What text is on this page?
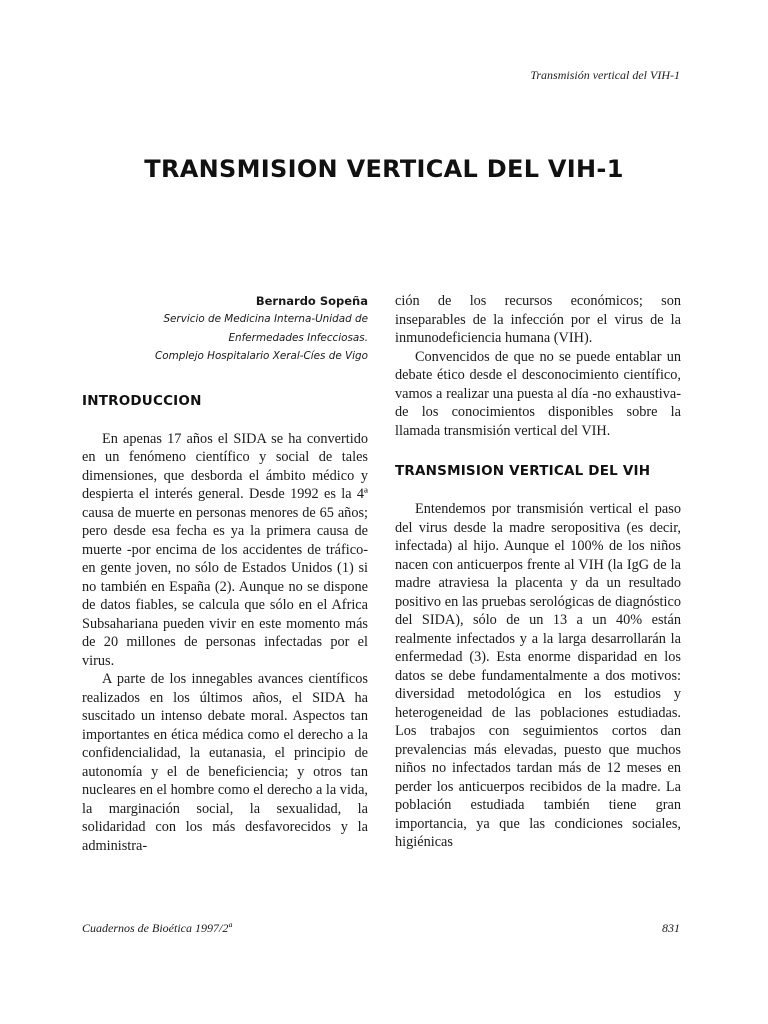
Transmisión vertical del VIH-1
TRANSMISION VERTICAL DEL VIH-1
Bernardo Sopeña
Servicio de Medicina Interna-Unidad de
Enfermedades Infecciosas.
Complejo Hospitalario Xeral-Cíes de Vigo
INTRODUCCION

En apenas 17 años el SIDA se ha convertido en un fenómeno científico y social de tales dimensiones, que desborda el ámbito médico y despierta el interés general. Desde 1992 es la 4ª causa de muerte en personas menores de 65 años; pero desde esa fecha es ya la primera causa de muerte -por encima de los accidentes de tráfico- en gente joven, no sólo de Estados Unidos (1) si no también en España (2). Aunque no se dispone de datos fiables, se calcula que sólo en el Africa Subsahariana pueden vivir en este momento más de 20 millones de personas infectadas por el virus.

A parte de los innegables avances científicos realizados en los últimos años, el SIDA ha suscitado un intenso debate moral. Aspectos tan importantes en ética médica como el derecho a la confidencialidad, la eutanasia, el principio de autonomía y el de beneficiencia; y otros tan nucleares en el hombre como el derecho a la vida, la marginación social, la sexualidad, la solidaridad con los más desfavorecidos y la administra-

ción de los recursos económicos; son inseparables de la infección por el virus de la inmunodeficiencia humana (VIH).

Convencidos de que no se puede entablar un debate ético desde el desconocimiento científico, vamos a realizar una puesta al día -no exhaustiva- de los conocimientos disponibles sobre la llamada transmisión vertical del VIH.

TRANSMISION VERTICAL DEL VIH

Entendemos por transmisión vertical el paso del virus desde la madre seropositiva (es decir, infectada) al hijo. Aunque el 100% de los niños nacen con anticuerpos frente al VIH (la IgG de la madre atraviesa la placenta y da un resultado positivo en las pruebas serológicas de diagnóstico del SIDA), sólo de un 13 a un 40% están realmente infectados y a la larga desarrollarán la enfermedad (3). Esta enorme disparidad en los datos se debe fundamentalmente a dos motivos: diversidad metodológica en los estudios y heterogeneidad de las poblaciones estudiadas. Los trabajos con seguimientos cortos dan prevalencias más elevadas, puesto que muchos niños no infectados tardan más de 12 meses en perder los anticuerpos recibidos de la madre. La población estudiada también tiene gran importancia, ya que las condiciones sociales, higiénicas

Cuadernos de Bioética 1997/2ª	831
